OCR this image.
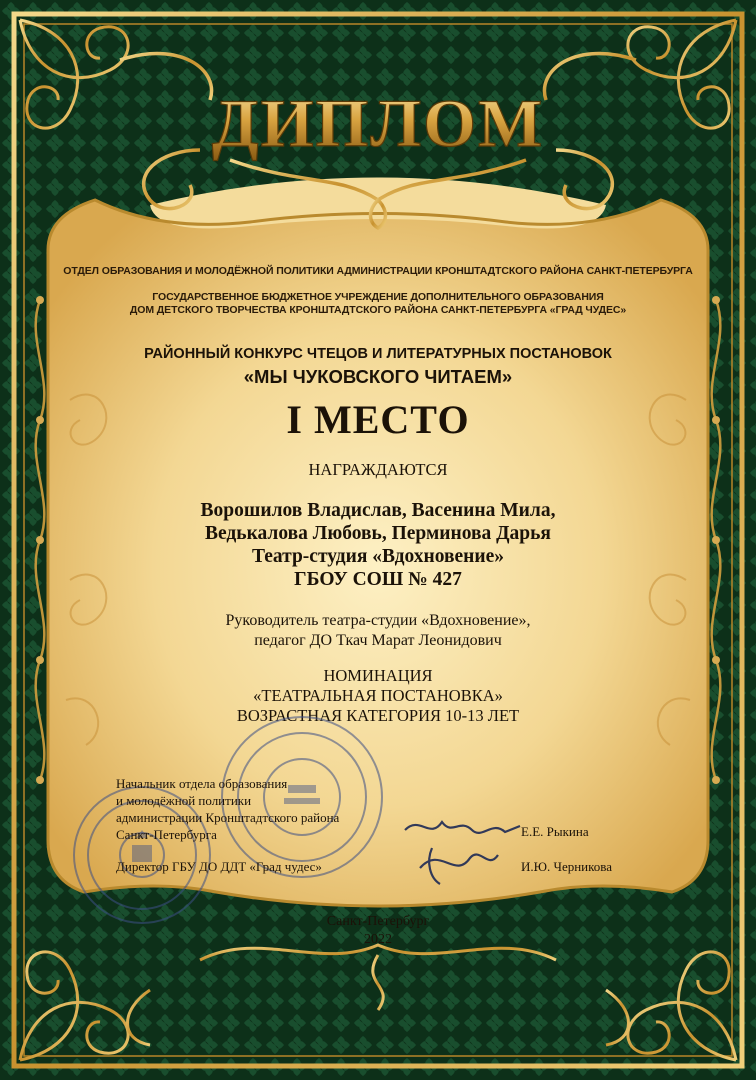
ДИПЛОМ
ОТДЕЛ ОБРАЗОВАНИЯ И МОЛОДЁЖНОЙ ПОЛИТИКИ АДМИНИСТРАЦИИ КРОНШТАДТСКОГО РАЙОНА САНКТ-ПЕТЕРБУРГА
ГОСУДАРСТВЕННОЕ БЮДЖЕТНОЕ УЧРЕЖДЕНИЕ ДОПОЛНИТЕЛЬНОГО ОБРАЗОВАНИЯ
ДОМ ДЕТСКОГО ТВОРЧЕСТВА КРОНШТАДТСКОГО РАЙОНА САНКТ-ПЕТЕРБУРГА «ГРАД ЧУДЕС»
РАЙОННЫЙ КОНКУРС ЧТЕЦОВ И ЛИТЕРАТУРНЫХ ПОСТАНОВОК
«МЫ ЧУКОВСКОГО ЧИТАЕМ»
I МЕСТО
НАГРАЖДАЮТСЯ
Ворошилов Владислав, Васенина Мила,
Ведькалова Любовь, Перминова Дарья
Театр-студия «Вдохновение»
ГБОУ СОШ № 427
Руководитель театра-студии «Вдохновение»,
педагог ДО Ткач Марат Леонидович
НОМИНАЦИЯ
«ТЕАТРАЛЬНАЯ ПОСТАНОВКА»
ВОЗРАСТНАЯ КАТЕГОРИЯ 10-13 ЛЕТ
Начальник отдела образования
и молодёжной политики
администрации Кронштадтского района
Санкт-Петербурга	Е.Е. Рыкина
Директор ГБУ ДО ДДТ «Град чудес»	И.Ю. Черникова
Санкт-Петербург
2022
